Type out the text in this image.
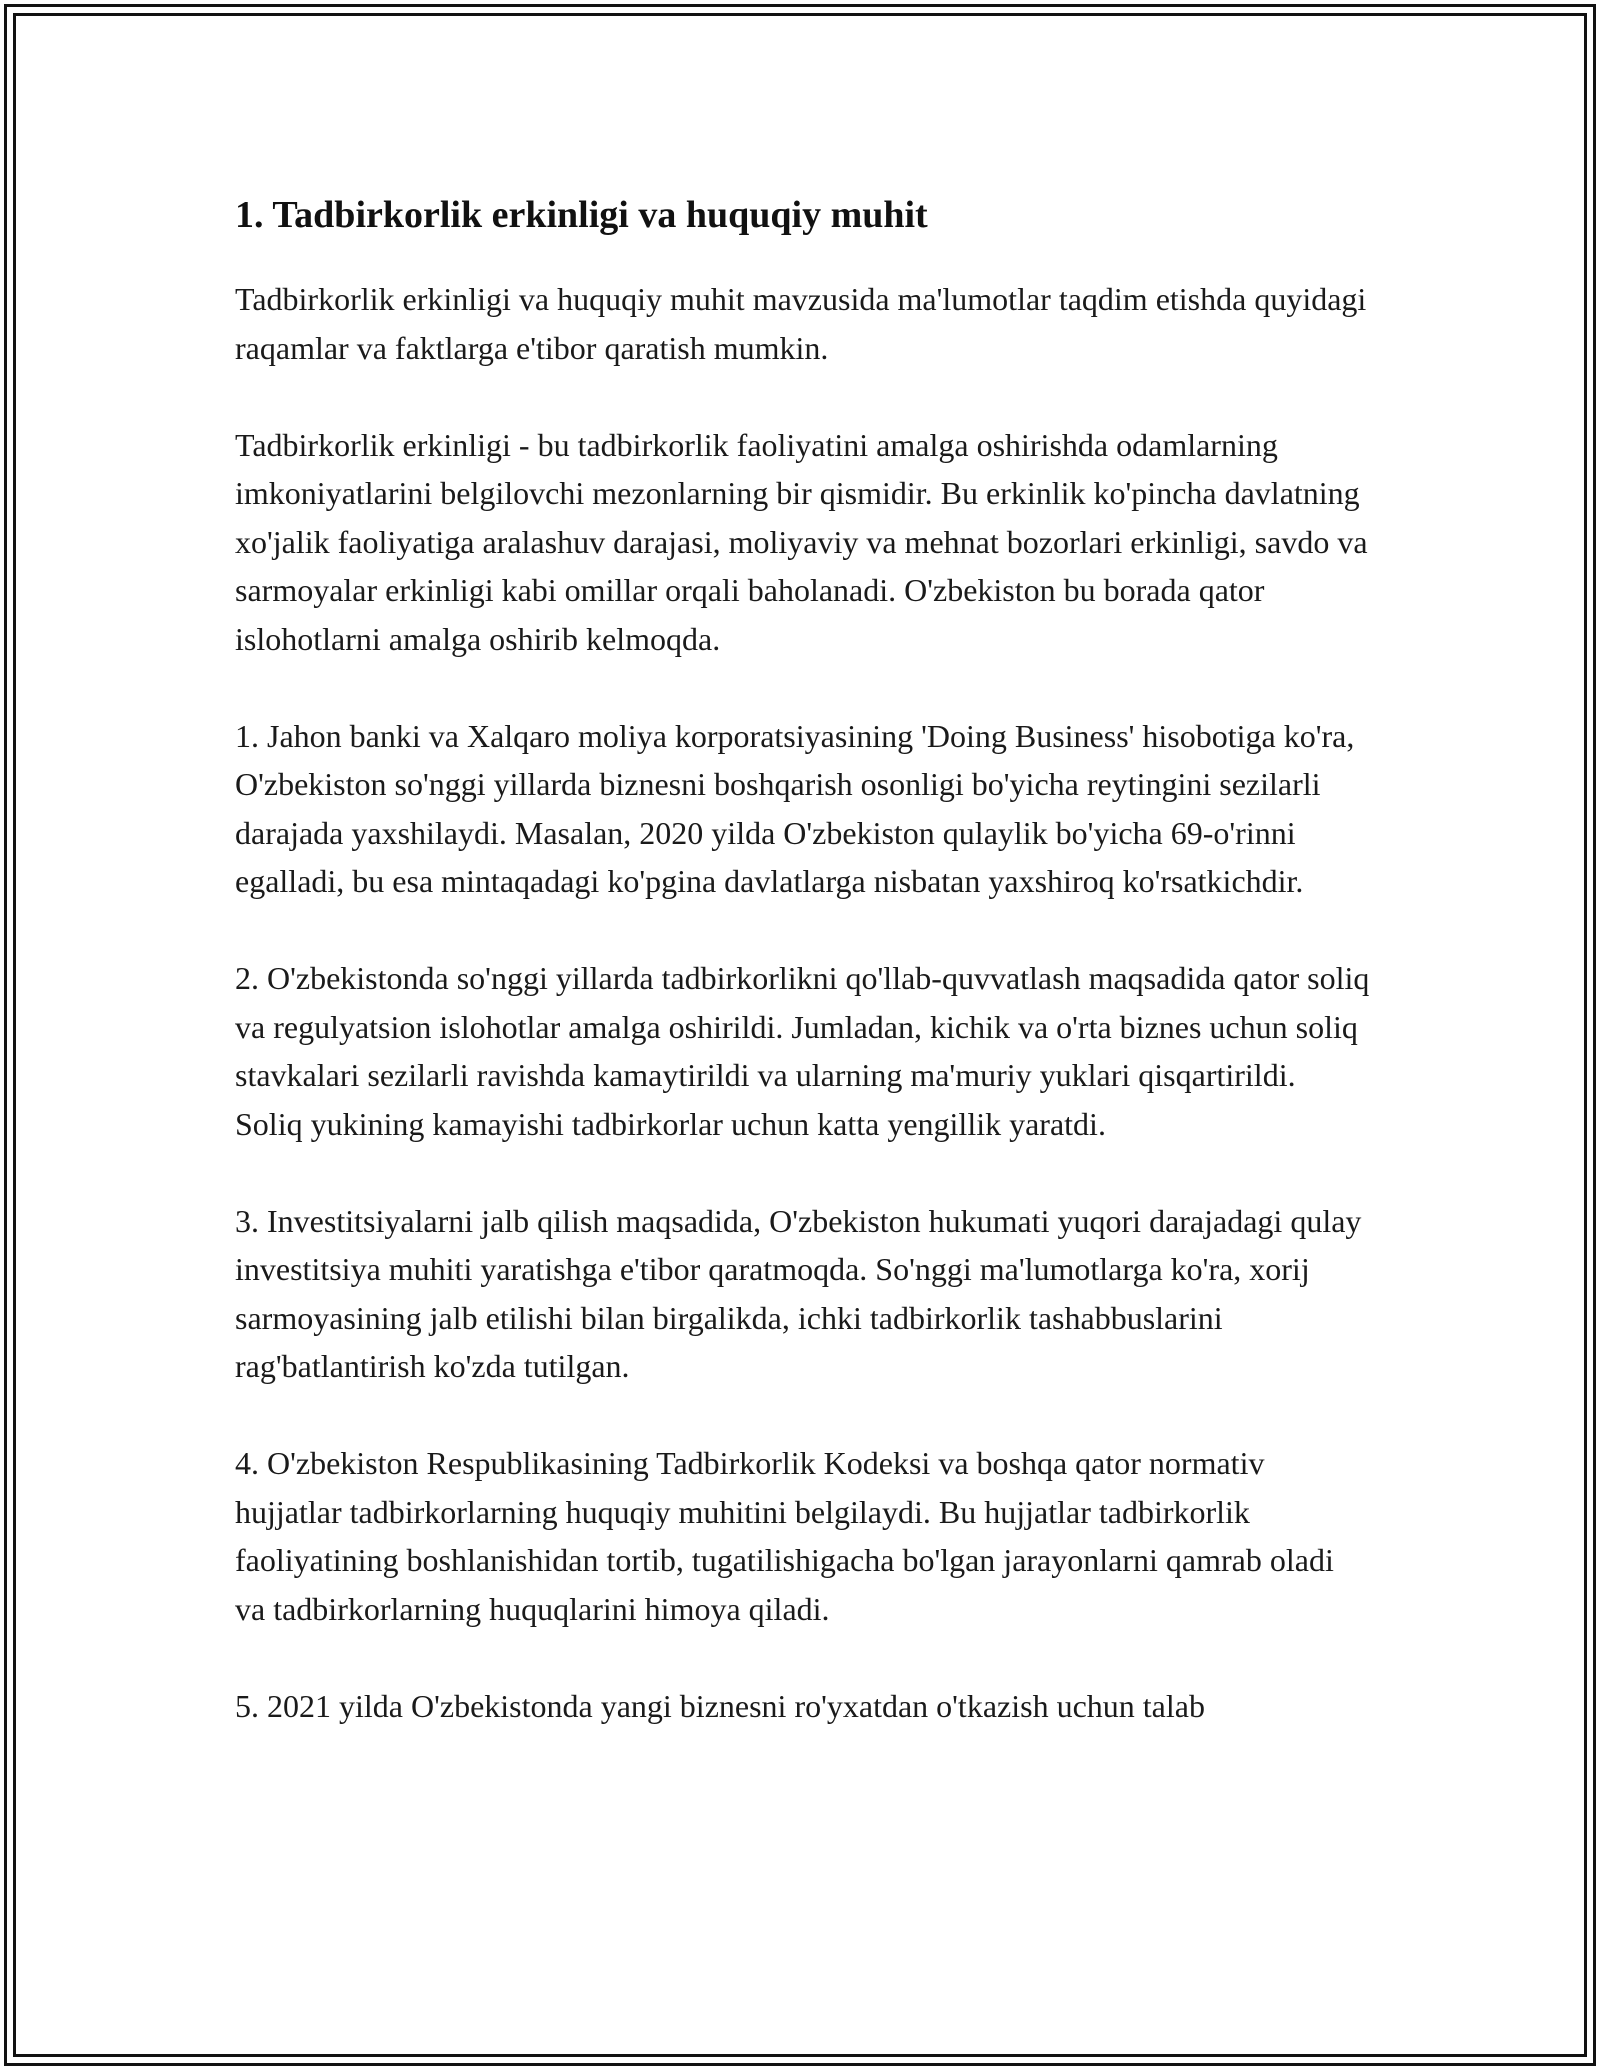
1. Tadbirkorlik erkinligi va huquqiy muhit

Tadbirkorlik erkinligi va huquqiy muhit mavzusida ma'lumotlar taqdim etishda quyidagi raqamlar va faktlarga e'tibor qaratish mumkin.

Tadbirkorlik erkinligi - bu tadbirkorlik faoliyatini amalga oshirishda odamlarning imkoniyatlarini belgilovchi mezonlarning bir qismidir. Bu erkinlik ko'pincha davlatning xo'jalik faoliyatiga aralashuv darajasi, moliyaviy va mehnat bozorlari erkinligi, savdo va sarmoyalar erkinligi kabi omillar orqali baholanadi. O'zbekiston bu borada qator islohotlarni amalga oshirib kelmoqda.

1. Jahon banki va Xalqaro moliya korporatsiyasining 'Doing Business' hisobotiga ko'ra, O'zbekiston so'nggi yillarda biznesni boshqarish osonligi bo'yicha reytingini sezilarli darajada yaxshilaydi. Masalan, 2020 yilda O'zbekiston qulaylik bo'yicha 69-o'rinni egalladi, bu esa mintaqadagi ko'pgina davlatlarga nisbatan yaxshiroq ko'rsatkichdir.

2. O'zbekistonda so'nggi yillarda tadbirkorlikni qo'llab-quvvatlash maqsadida qator soliq va regulyatsion islohotlar amalga oshirildi. Jumladan, kichik va o'rta biznes uchun soliq stavkalari sezilarli ravishda kamaytirildi va ularning ma'muriy yuklari qisqartirildi. Soliq yukining kamayishi tadbirkorlar uchun katta yengillik yaratdi.

3. Investitsiyalarni jalb qilish maqsadida, O'zbekiston hukumati yuqori darajadagi qulay investitsiya muhiti yaratishga e'tibor qaratmoqda. So'nggi ma'lumotlarga ko'ra, xorij sarmoyasining jalb etilishi bilan birgalikda, ichki tadbirkorlik tashabbuslarini rag'batlantirish ko'zda tutilgan.

4. O'zbekiston Respublikasining Tadbirkorlik Kodeksi va boshqa qator normativ hujjatlar tadbirkorlarning huquqiy muhitini belgilaydi. Bu hujjatlar tadbirkorlik faoliyatining boshlanishidan tortib, tugatilishigacha bo'lgan jarayonlarni qamrab oladi va tadbirkorlarning huquqlarini himoya qiladi.

5. 2021 yilda O'zbekistonda yangi biznesni ro'yxatdan o'tkazish uchun talab
